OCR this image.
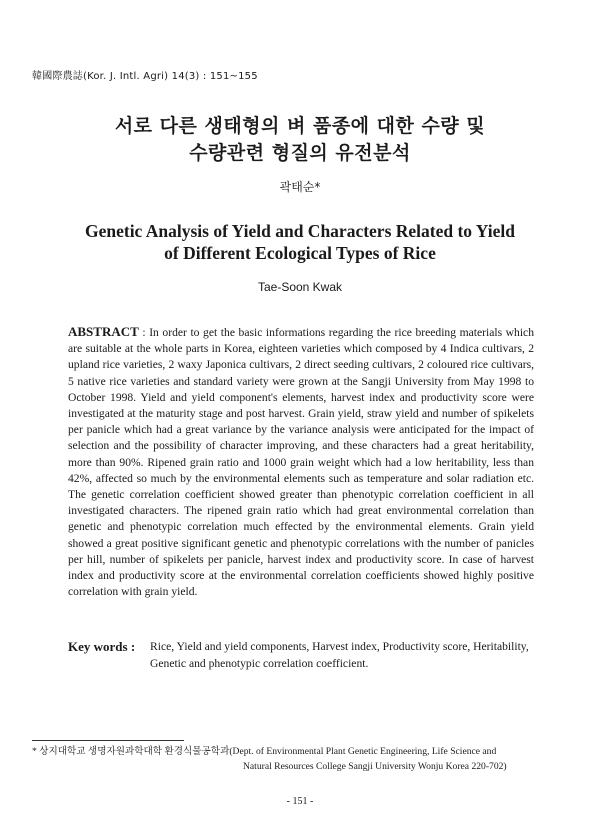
韓國際農誌(Kor. J. Intl. Agri) 14(3) : 151~155
서로 다른 생태형의 벼 품종에 대한 수량 및
수량관련 형질의 유전분석
곽태순*
Genetic Analysis of Yield and Characters Related to Yield
of Different Ecological Types of Rice
Tae-Soon Kwak

ABSTRACT : In order to get the basic informations regarding the rice breeding materials which are suitable at the whole parts in Korea, eighteen varieties which composed by 4 Indica cultivars, 2 upland rice varieties, 2 waxy Japonica cultivars, 2 direct seeding cultivars, 2 coloured rice cultivars, 5 native rice varieties and standard variety were grown at the Sangji University from May 1998 to October 1998. Yield and yield component's elements, harvest index and productivity score were investigated at the maturity stage and post harvest. Grain yield, straw yield and number of spikelets per panicle which had a great variance by the variance analysis were anticipated for the impact of selection and the possibility of character improving, and these characters had a great heritability, more than 90%. Ripened grain ratio and 1000 grain weight which had a low heritability, less than 42%, affected so much by the environmental elements such as temperature and solar radiation etc. The genetic correlation coefficient showed greater than phenotypic correlation coefficient in all investigated characters. The ripened grain ratio which had great environmental correlation than genetic and phenotypic correlation much effected by the environmental elements. Grain yield showed a great positive significant genetic and phenotypic correlations with the number of panicles per hill, number of spikelets per panicle, harvest index and productivity score. In case of harvest index and productivity score at the environmental correlation coefficients showed highly positive correlation with grain yield.

Key words :	Rice, Yield and yield components, Harvest index, Productivity score, Heritability, Genetic and phenotypic correlation coefficient.
* 상지대학교 생명자원과학대학 환경식물공학과(Dept. of Environmental Plant Genetic Engineering, Life Science and
Natural Resources College Sangji University Wonju Korea 220-702)
- 151 -
